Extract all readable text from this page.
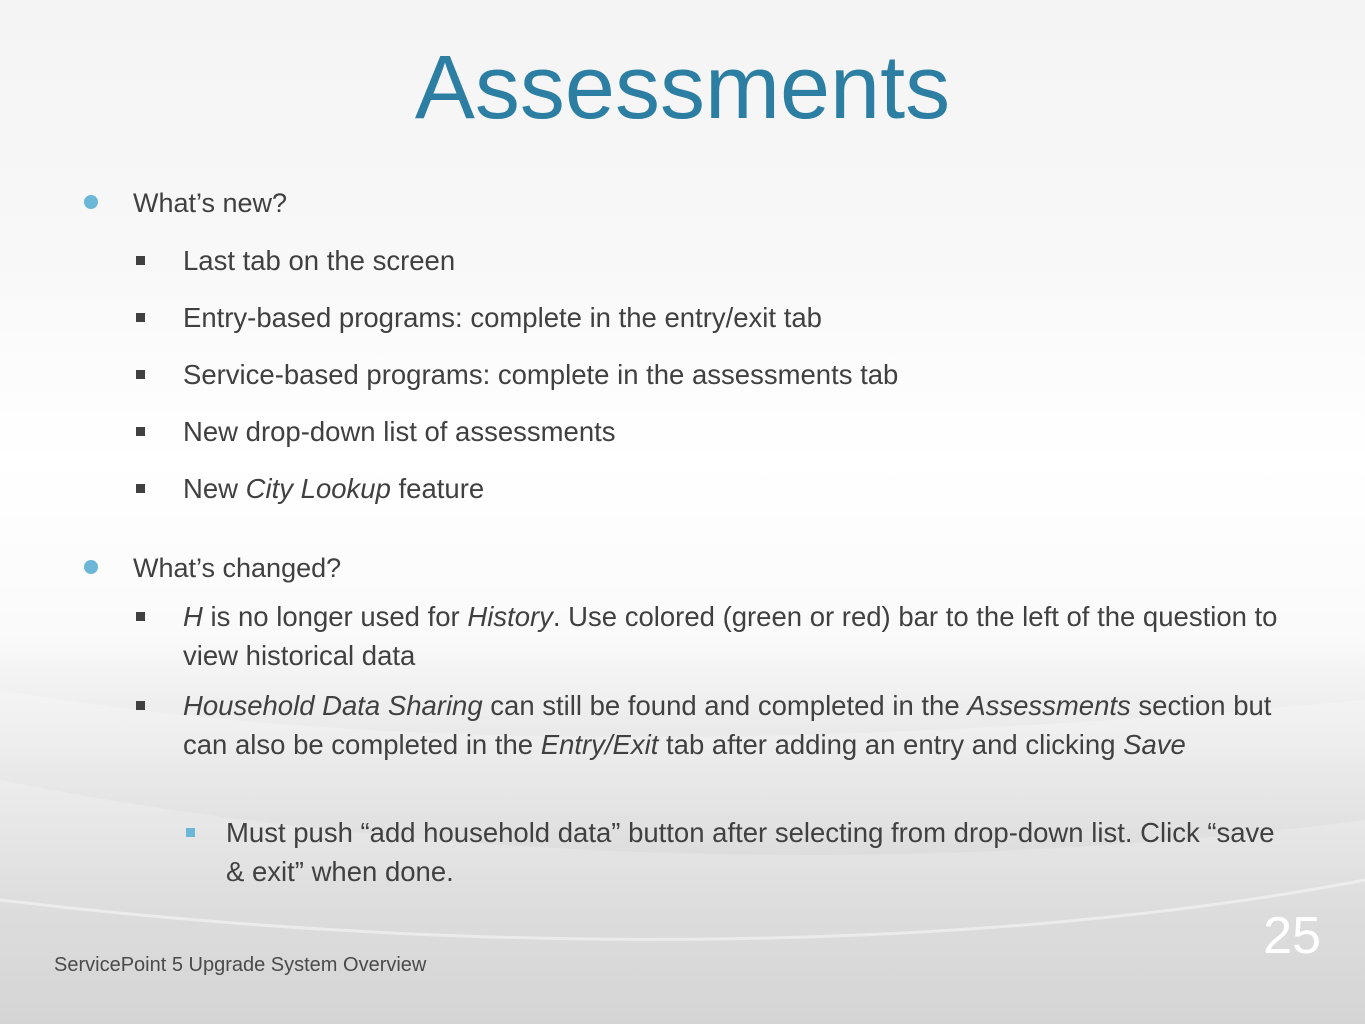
Assessments
What’s new?
Last tab on the screen
Entry-based programs: complete in the entry/exit tab
Service-based programs: complete in the assessments tab
New drop-down list of assessments
New City Lookup feature
What’s changed?
H is no longer used for History. Use colored (green or red) bar to the left of the question to view historical data
Household Data Sharing can still be found and completed in the Assessments section but can also be completed in the Entry/Exit tab after adding an entry and clicking Save
Must push “add household data” button after selecting from drop-down list. Click “save & exit” when done.
ServicePoint 5 Upgrade System Overview	25
